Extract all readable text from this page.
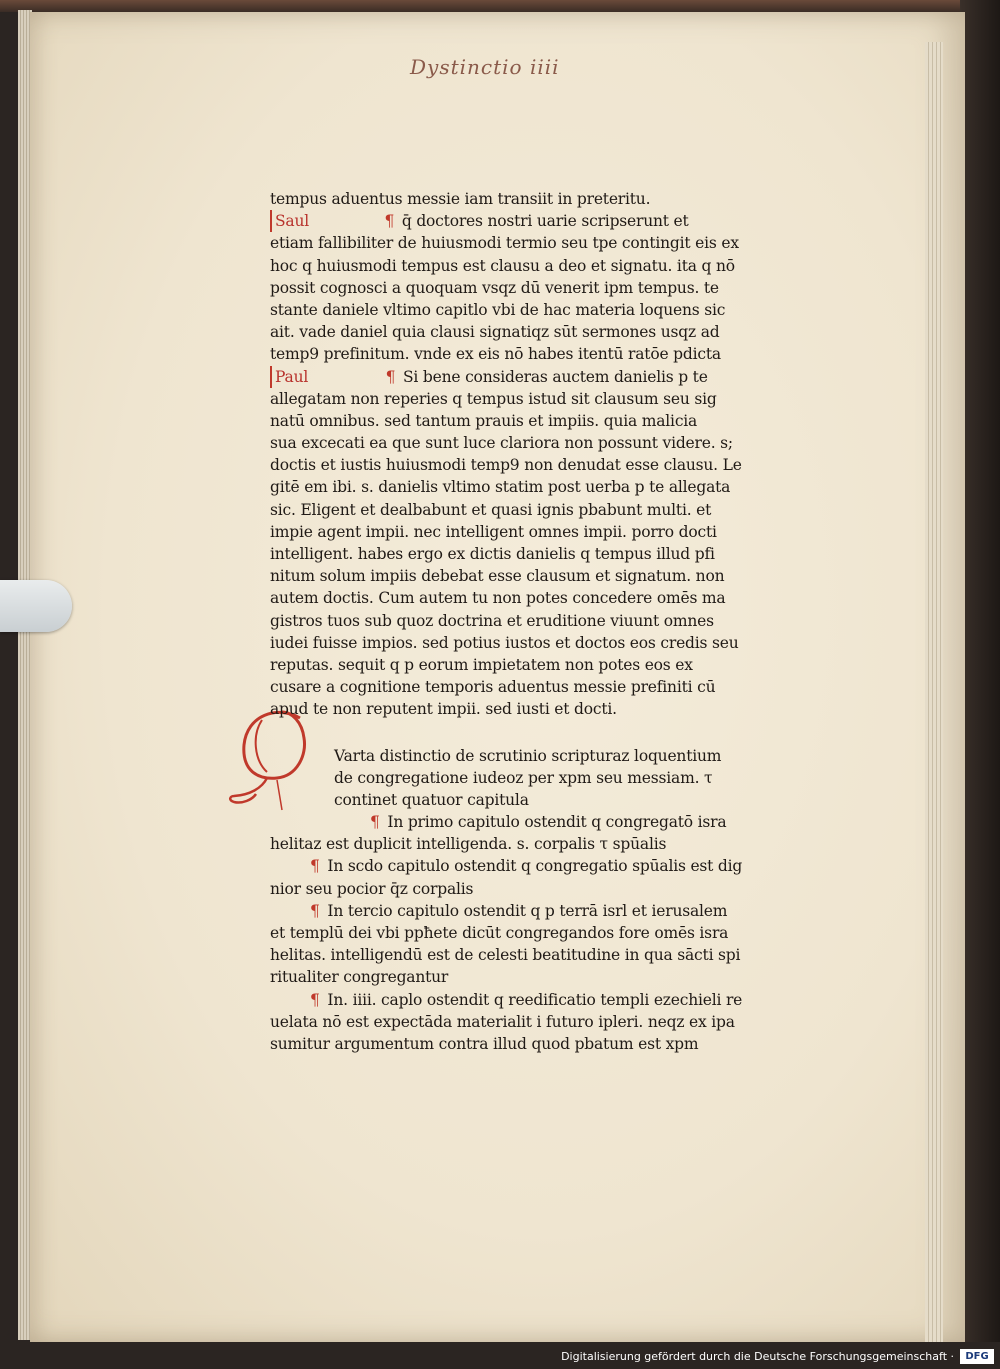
Dystinctio iiii
tempus aduentus messie iam transiit in preteritu.
Saul	¶ q̄ doctores nostri uarie scripserunt et
etiam fallibiliter de huiusmodi termio seu tpe contingit eis ex
hoc q huiusmodi tempus est clausu a deo et signatu. ita q nō
possit cognosci a quoquam vsqz dū venerit ipm tempus. te
stante daniele vltimo capitlo vbi de hac materia loquens sic
ait. vade daniel quia clausi signatiqz sūt sermones usqz ad
temp9 prefinitum. vnde ex eis nō habes itentū ratōe pdicta
Paul	¶ Si bene consideras auctem danielis p te
allegatam non reperies q tempus istud sit clausum seu sig
natū omnibus. sed tantum prauis et impiis. quia malicia
sua excecati ea que sunt luce clariora non possunt videre. s;
doctis et iustis huiusmodi temp9 non denudat esse clausu. Le
gitē em ibi. s. danielis vltimo statim post uerba p te allegata
sic. Eligent et dealbabunt et quasi ignis pbabunt multi. et
impie agent impii. nec intelligent omnes impii. porro docti
intelligent. habes ergo ex dictis danielis q tempus illud pfi
nitum solum impiis debebat esse clausum et signatum. non
autem doctis. Cum autem tu non potes concedere omēs ma
gistros tuos sub quoz doctrina et eruditione viuunt omnes
iudei fuisse impios. sed potius iustos et doctos eos credis seu
reputas. sequit q p eorum impietatem non potes eos ex
cusare a cognitione temporis aduentus messie prefiniti cū
apud te non reputent impii. sed iusti et docti.
Varta distinctio de scrutinio scripturaz loquentium
de congregatione iudeoz per xpm seu messiam. τ
continet quatuor capitula
¶ In primo capitulo ostendit q congregatō isra
helitaz est duplicit intelligenda. s. corpalis τ spūalis
¶ In scdo capitulo ostendit q congregatio spūalis est dig
nior seu pocior q̄z corpalis
¶ In tercio capitulo ostendit q p terrā isrl et ierusalem
et templū dei vbi ppħete dicūt congregandos fore omēs isra
helitas. intelligendū est de celesti beatitudine in qua sācti spi
ritualiter congregantur
¶ In. iiii. caplo ostendit q reedificatio templi ezechieli re
uelata nō est expectāda materialit i futuro ipleri. neqz ex ipa
sumitur argumentum contra illud quod pbatum est xpm
Digitalisierung gefördert durch die Deutsche Forschungsgemeinschaft ·	DFG
